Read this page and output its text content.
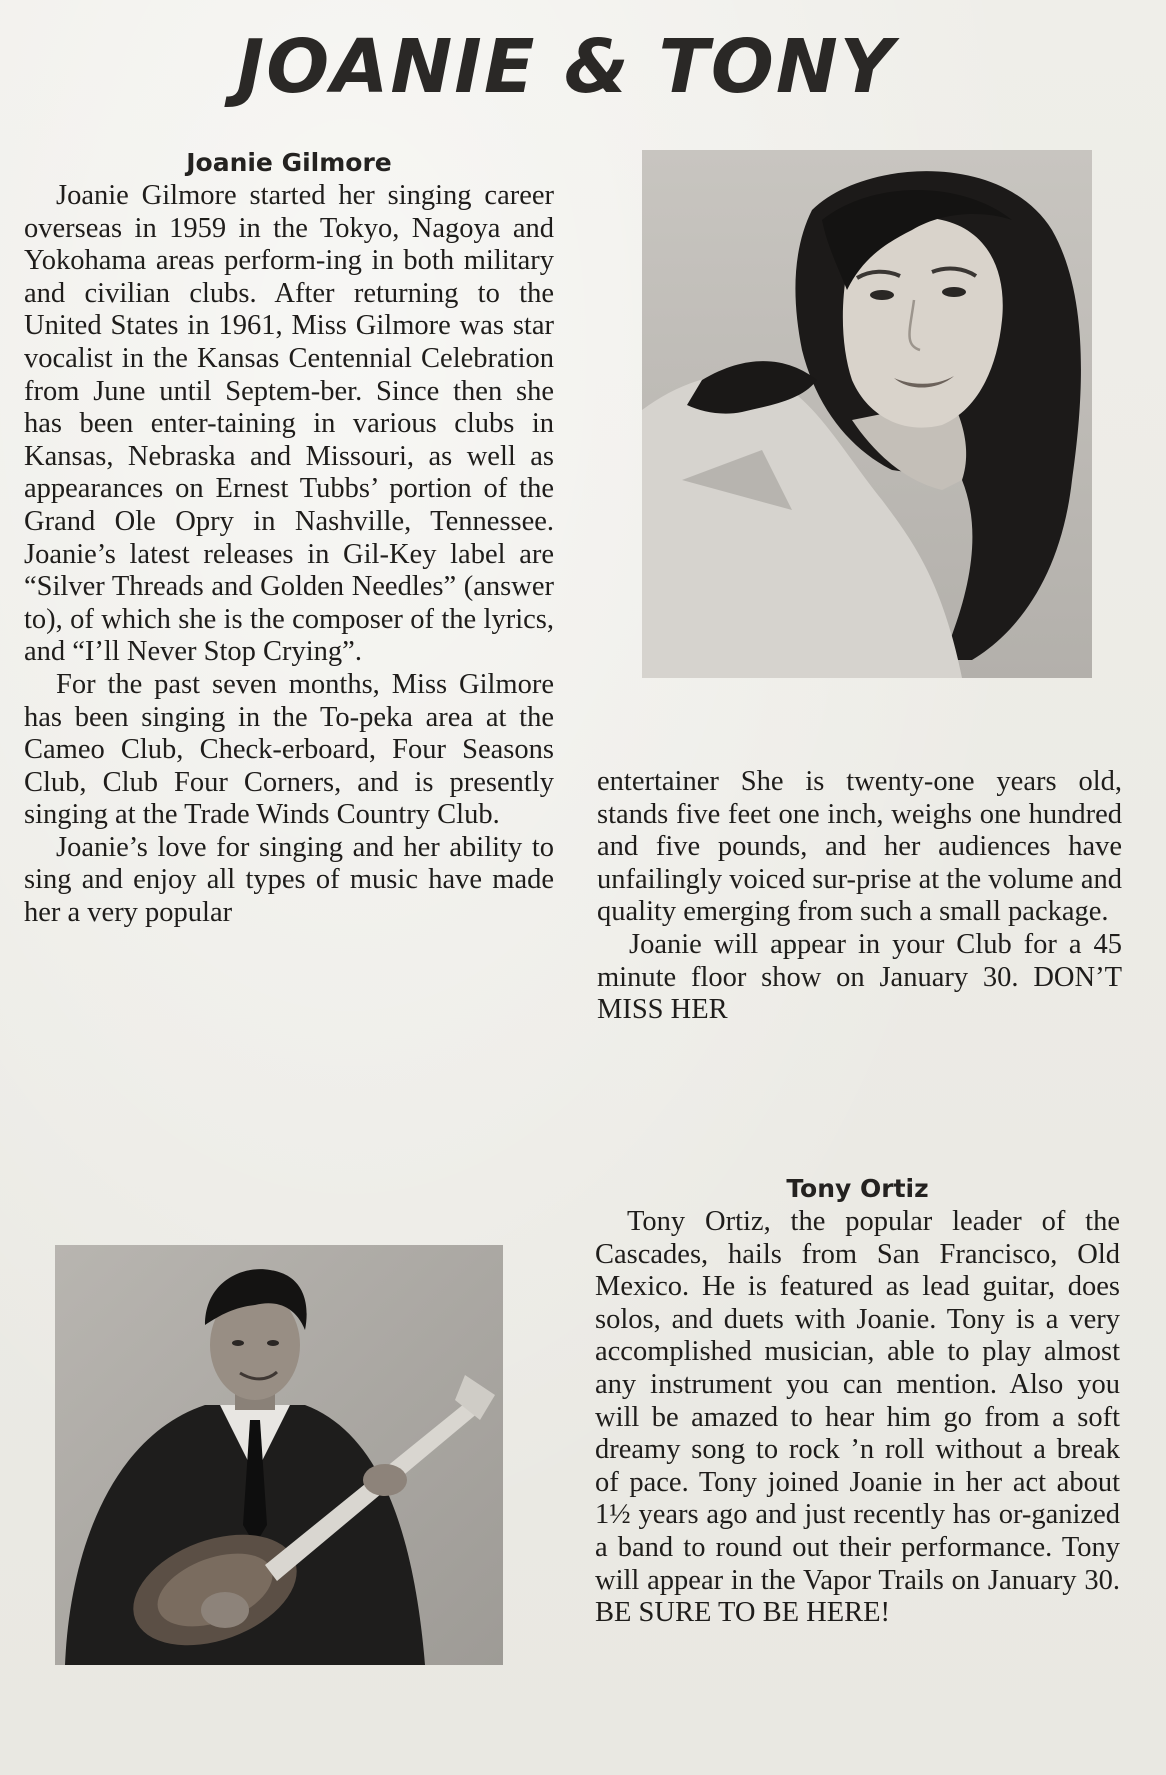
JOANIE & TONY
Joanie Gilmore

Joanie Gilmore started her singing career overseas in 1959 in the Tokyo, Nagoya and Yokohama areas perform-ing in both military and civilian clubs. After returning to the United States in 1961, Miss Gilmore was star vocalist in the Kansas Centennial Celebration from June until Septem-ber. Since then she has been enter-taining in various clubs in Kansas, Nebraska and Missouri, as well as appearances on Ernest Tubbs’ portion of the Grand Ole Opry in Nashville, Tennessee. Joanie’s latest releases in Gil-Key label are “Silver Threads and Golden Needles” (answer to), of which she is the composer of the lyrics, and “I’ll Never Stop Crying”.

For the past seven months, Miss Gilmore has been singing in the To-peka area at the Cameo Club, Check-erboard, Four Seasons Club, Club Four Corners, and is presently singing at the Trade Winds Country Club.

Joanie’s love for singing and her ability to sing and enjoy all types of music have made her a very popular

entertainer She is twenty-one years old, stands five feet one inch, weighs one hundred and five pounds, and her audiences have unfailingly voiced sur-prise at the volume and quality emerging from such a small package.

Joanie will appear in your Club for a 45 minute floor show on January 30. DON’T MISS HER

Tony Ortiz

Tony Ortiz, the popular leader of the Cascades, hails from San Francisco, Old Mexico. He is featured as lead guitar, does solos, and duets with Joanie. Tony is a very accomplished musician, able to play almost any instrument you can mention. Also you will be amazed to hear him go from a soft dreamy song to rock ’n roll without a break of pace. Tony joined Joanie in her act about 1½ years ago and just recently has or-ganized a band to round out their performance. Tony will appear in the Vapor Trails on January 30. BE SURE TO BE HERE!
